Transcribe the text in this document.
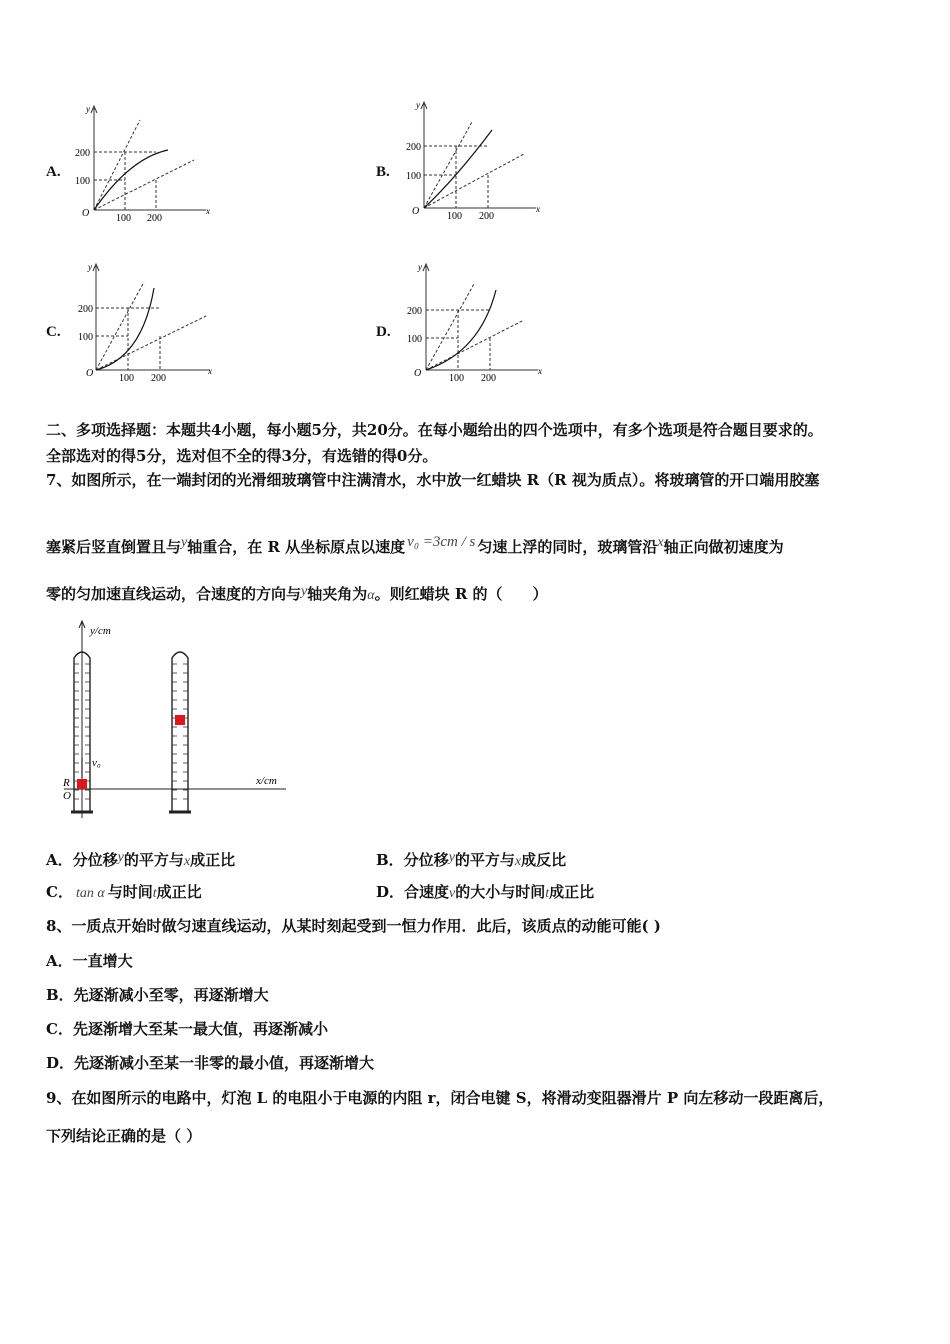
A.	B.
C.	D.
O
y
x
200
100
100 200
O
y
x
200
100
100 200
O
y
x
200
100
100 200	O
y
x
200
100
100 200
二、多项选择题：本题共4小题，每小题5分，共20分。在每小题给出的四个选项中，有多个选项是符合题目要求的。
全部选对的得5分，选对但不全的得3分，有选错的得0分。
7、如图所示，在一端封闭的光滑细玻璃管中注满清水，水中放一红蜡块 R（R 视为质点）。将玻璃管的开口端用胶塞
塞紧后竖直倒置且与y轴重合，在 R 从坐标原点以速度 v₀ =3cm / s 匀速上浮的同时，玻璃管沿x轴正向做初速度为
零的匀加速直线运动，合速度的方向与y轴夹角为α。则红蜡块 R 的（　　）
y/cm
x/cm
v₀
R
O
A．分位移y的平方与x成正比	B．分位移y的平方与x成反比
C． tan α 与时间t成正比	D．合速度v的大小与时间t成正比
8、一质点开始时做匀速直线运动，从某时刻起受到一恒力作用．此后，该质点的动能可能( )
A．一直增大
B．先逐渐减小至零，再逐渐增大
C．先逐渐增大至某一最大值，再逐渐减小
D．先逐渐减小至某一非零的最小值，再逐渐增大
9、在如图所示的电路中，灯泡 L 的电阻小于电源的内阻 r，闭合电键 S，将滑动变阻器滑片 P 向左移动一段距离后，
下列结论正确的是（ ）
